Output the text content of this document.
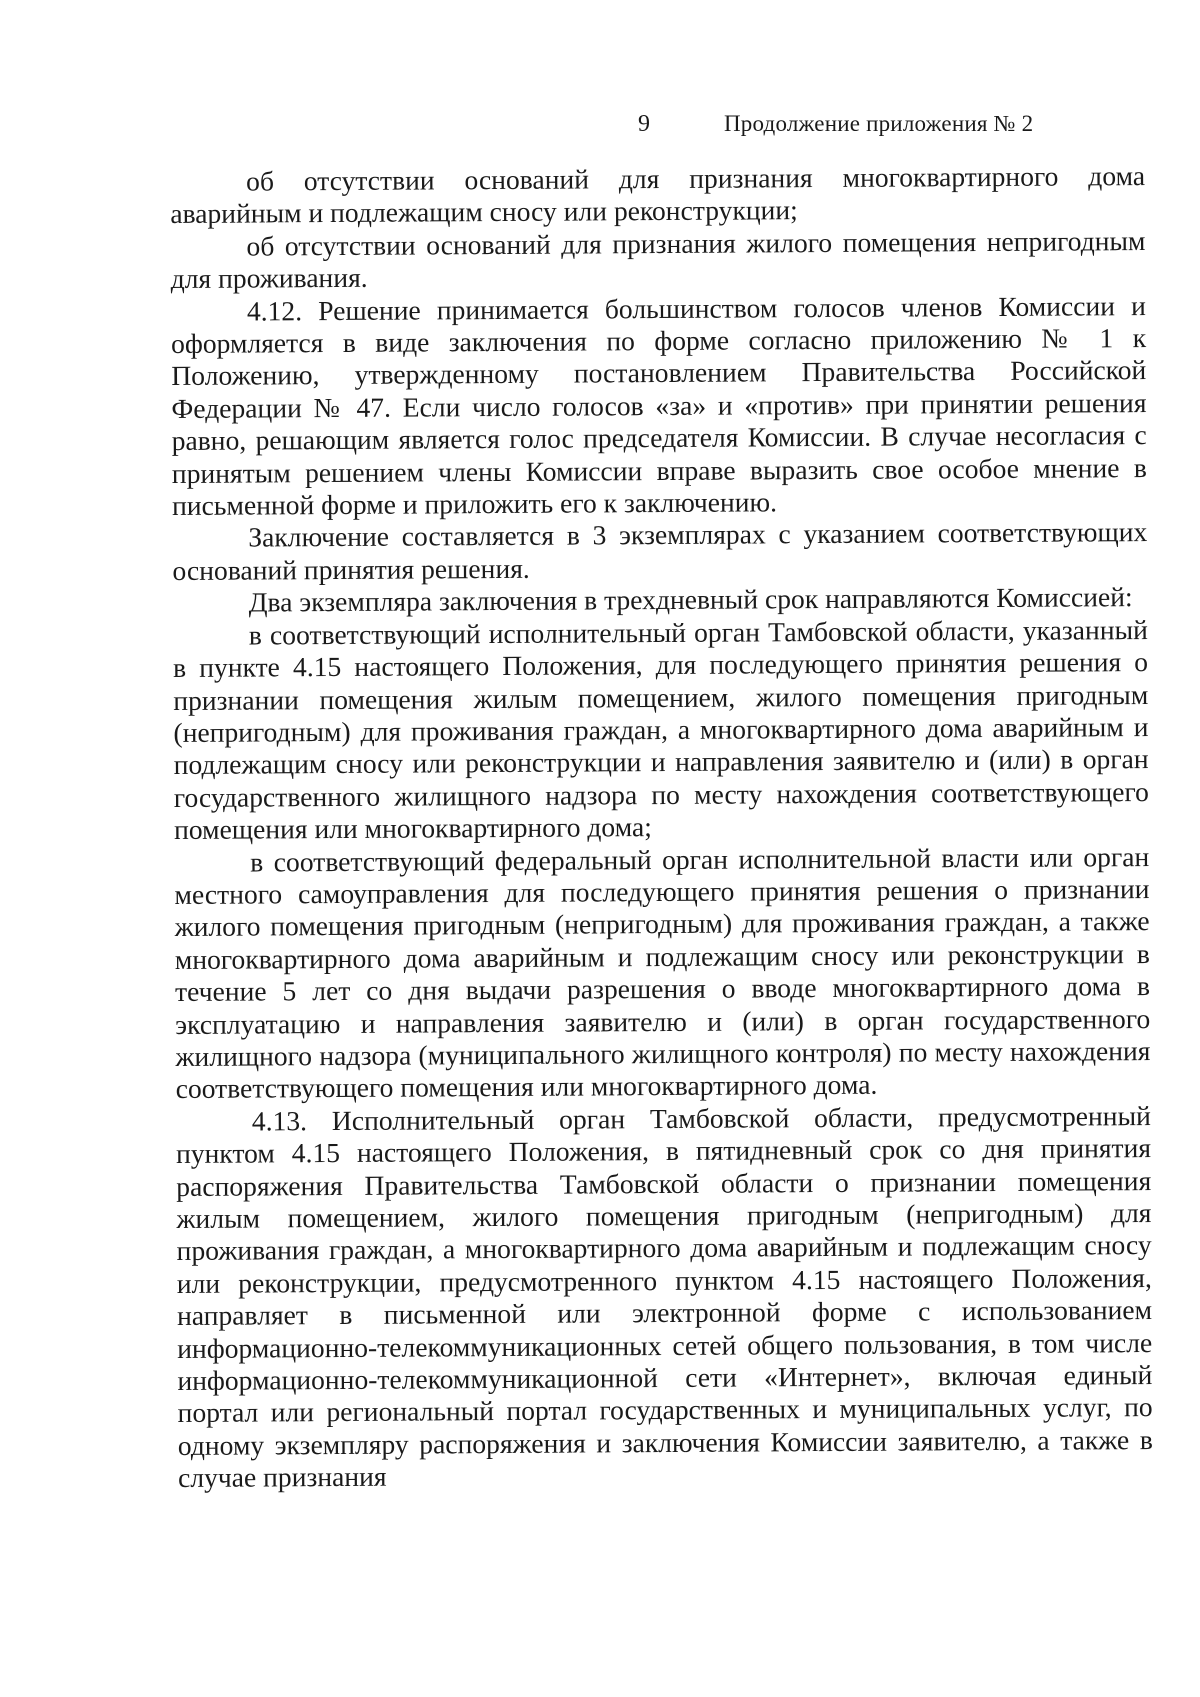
9	Продолжение приложения № 2

об отсутствии оснований для признания многоквартирного дома аварийным и подлежащим сносу или реконструкции;

об отсутствии оснований для признания жилого помещения непригодным для проживания.

4.12. Решение принимается большинством голосов членов Комиссии и оформляется в виде заключения по форме согласно приложению № 1 к Положению, утвержденному постановлением Правительства Российской Федерации № 47. Если число голосов «за» и «против» при принятии решения равно, решающим является голос председателя Комиссии. В случае несогласия с принятым решением члены Комиссии вправе выразить свое особое мнение в письменной форме и приложить его к заключению.

Заключение составляется в 3 экземплярах с указанием соответствующих оснований принятия решения.

Два экземпляра заключения в трехдневный срок направляются Комиссией:

в соответствующий исполнительный орган Тамбовской области, указанный в пункте 4.15 настоящего Положения, для последующего принятия решения о признании помещения жилым помещением, жилого помещения пригодным (непригодным) для проживания граждан, а многоквартирного дома аварийным и подлежащим сносу или реконструкции и направления заявителю и (или) в орган государственного жилищного надзора по месту нахождения соответствующего помещения или многоквартирного дома;

в соответствующий федеральный орган исполнительной власти или орган местного самоуправления для последующего принятия решения о признании жилого помещения пригодным (непригодным) для проживания граждан, а также многоквартирного дома аварийным и подлежащим сносу или реконструкции в течение 5 лет со дня выдачи разрешения о вводе многоквартирного дома в эксплуатацию и направления заявителю и (или) в орган государственного жилищного надзора (муниципального жилищного контроля) по месту нахождения соответствующего помещения или многоквартирного дома.

4.13. Исполнительный орган Тамбовской области, предусмотренный пунктом 4.15 настоящего Положения, в пятидневный срок со дня принятия распоряжения Правительства Тамбовской области о признании помещения жилым помещением, жилого помещения пригодным (непригодным) для проживания граждан, а многоквартирного дома аварийным и подлежащим сносу или реконструкции, предусмотренного пунктом 4.15 настоящего Положения, направляет в письменной или электронной форме с использованием информационно-телекоммуникационных сетей общего пользования, в том числе информационно-телекоммуникационной сети «Интернет», включая единый портал или региональный портал государственных и муниципальных услуг, по одному экземпляру распоряжения и заключения Комиссии заявителю, а также в случае признания
